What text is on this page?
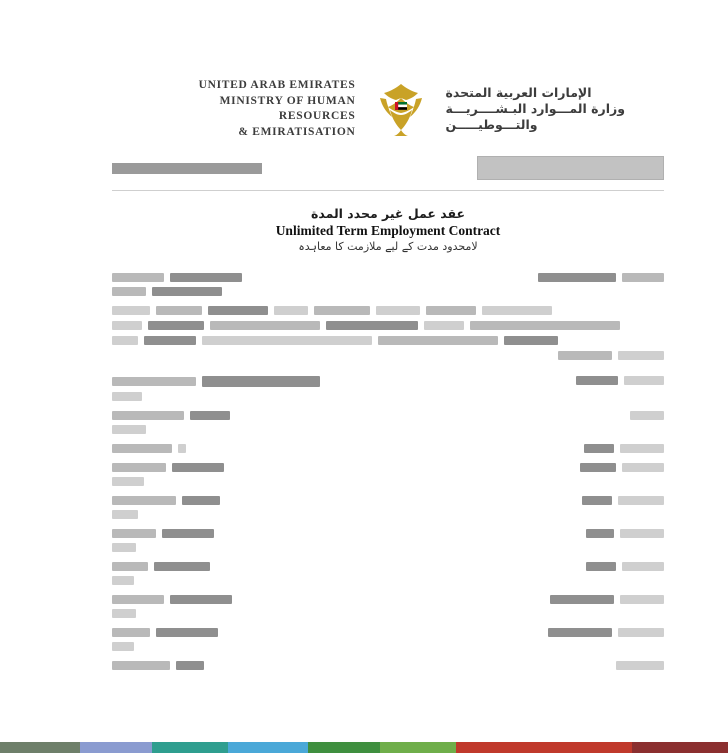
UNITED ARAB EMIRATES
MINISTRY OF HUMAN RESOURCES
& EMIRATISATION
الإمارات العربية المتحدة
وزارة المـــوارد البـشــــريـــة
والتـــوطيـــــن
عقد عمل غير محدد المدة
Unlimited Term Employment Contract
لامحدود مدت کے لیے ملازمت کا معاہدہ
